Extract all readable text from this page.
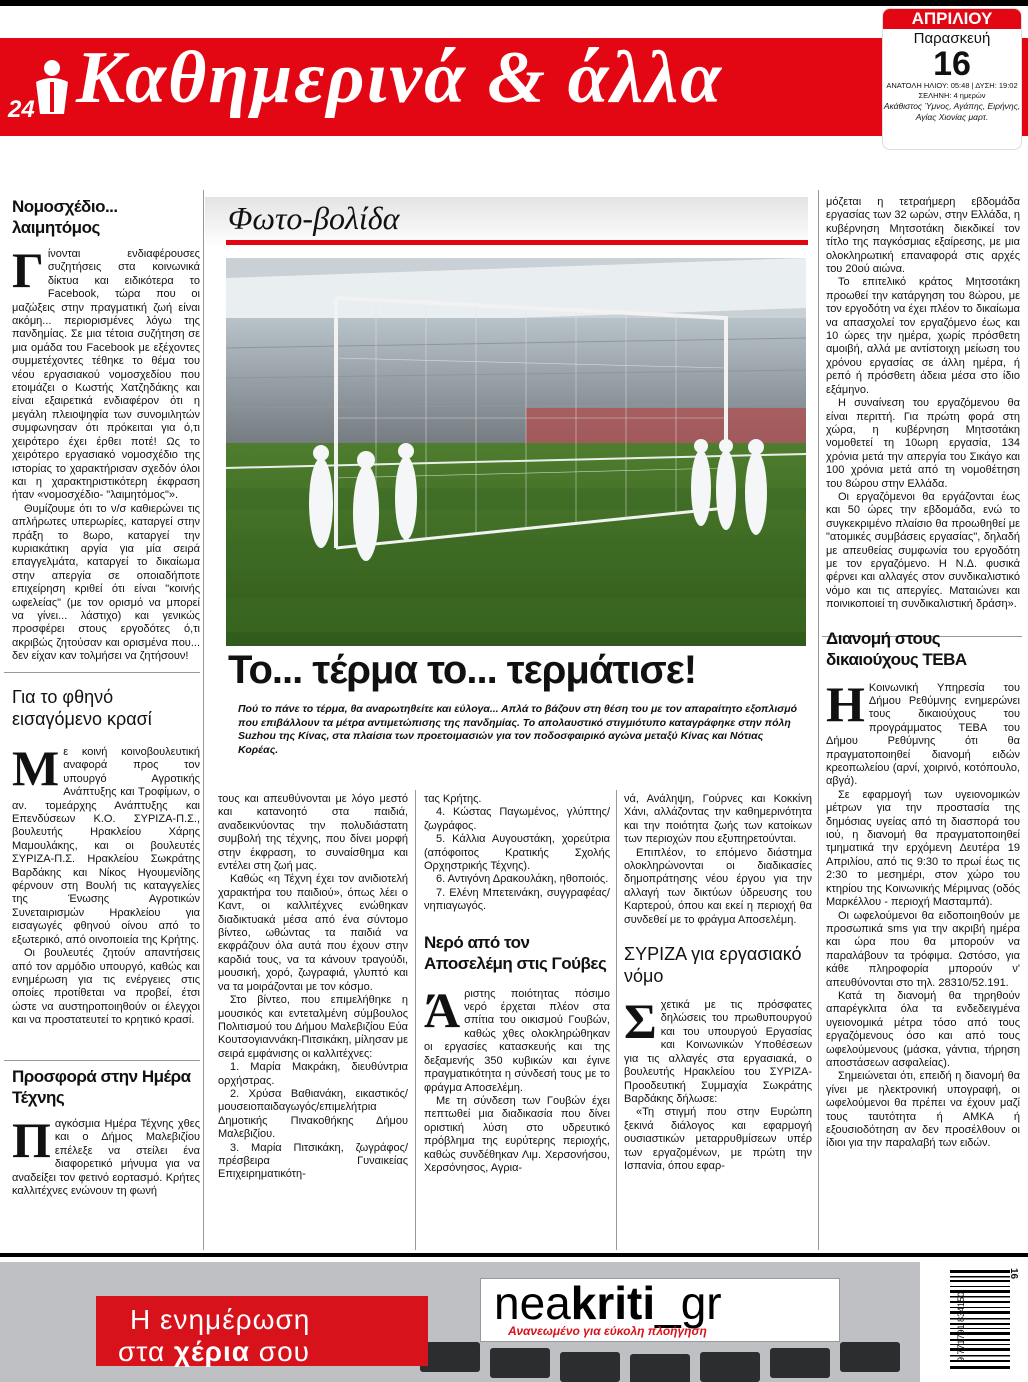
24 Καθημερινά & άλλα
ΑΠΡΙΛΙΟΥ
Παρασκευή
16
ΑΝΑΤΟΛΗ ΗΛΙΟΥ: 05:48 | ΔΥΣΗ: 19:02
ΣΕΛΗΝΗ: 4 ημερών
Ακάθιστος Ύμνος, Αγάπης, Ειρήνης,
Αγίας Χιονίας μαρτ.
Νομοσχέδιο... λαιμητόμος
Γ ίνονται ενδιαφέρουσες συζητήσεις στα κοινωνικά δίκτυα και ειδικότερα το Facebook, τώρα που οι μαζώξεις στην πραγματική ζωή είναι ακόμη... περιορισμένες λόγω της πανδημίας. Σε μια τέτοια συζήτηση σε μια ομάδα του Facebook με εξέχοντες συμμετέχοντες τέθηκε το θέμα του νέου εργασιακού νομοσχεδίου που ετοιμάζει ο Κωστής Χατζηδάκης και είναι εξαιρετικά ενδιαφέρον ότι η μεγάλη πλειοψηφία των συνομιλητών συμφωνησαν ότι πρόκειται για ό,τι χειρότερο έχει έρθει ποτέ! Ως το χειρότερο εργασιακό νομοσχέδιο της ιστορίας το χαρακτήρισαν σχεδόν όλοι και η χαρακτηριστικότερη έκφραση ήταν «νομοσχέδιο- "λαιμητόμος"».

Θυμίζουμε ότι το ν/σ καθιερώνει τις απλήρωτες υπερωρίες, καταργεί στην πράξη το 8ωρο, καταργεί την κυριακάτικη αργία για μία σειρά επαγγελμάτα, καταργεί το δικαίωμα στην απεργία σε οποιαδήποτε επιχείρηση κριθεί ότι είναι "κοινής ωφελείας" (με τον ορισμό να μπορεί να γίνει... λάστιχο) και γενικώς προσφέρει στους εργοδότες ό,τι ακριβώς ζητούσαν και ορισμένα που... δεν είχαν καν τολμήσει να ζητήσουν!

Για το φθηνό εισαγόμενο κρασί
Μ ε κοινή κοινοβουλευτική αναφορά προς τον υπουργό Αγροτικής Ανάπτυξης και Τροφίμων, ο αν. τομεάρχης Ανάπτυξης και Επενδύσεων Κ.Ο. ΣΥΡΙΖΑ-Π.Σ., βουλευτής Ηρακλείου Χάρης Μαμουλάκης, και οι βουλευτές ΣΥΡΙΖΑ-Π.Σ. Ηρακλείου Σωκράτης Βαρδάκης και Νίκος Ηγουμενίδης φέρνουν στη Βουλή τις καταγγελίες της Ένωσης Αγροτικών Συνεταιρισμών Ηρακλείου για εισαγωγές φθηνού οίνου από το εξωτερικό, από οινοποιεία της Κρήτης.

Οι βουλευτές ζητούν απαντήσεις από τον αρμόδιο υπουργό, καθώς και ενημέρωση για τις ενέργειες στις οποίες προτίθεται να προβεί, έτσι ώστε να αυστηροποιηθούν οι έλεγχοι και να προστατευτεί το κρητικό κρασί.

Προσφορά στην Ημέρα Τέχνης
Π αγκόσμια Ημέρα Τέχνης χθες και ο Δήμος Μαλεβιζίου επέλεξε να στείλει ένα διαφορετικό μήνυμα για να αναδείξει τον φετινό εορτασμό. Κρήτες καλλιτέχνες ενώνουν τη φωνή

Φωτο-βολίδα
Το... τέρμα το... τερμάτισε!
Πού το πάνε το τέρμα, θα αναρωτηθείτε και εύλογα... Απλά το βάζουν στη θέση του με τον απαραίτητο εξοπλισμό που επιβάλλουν τα μέτρα αντιμετώπισης της πανδημίας. Το απολαυστικό στιγμιότυπο καταγράφηκε στην πόλη Suzhou της Κίνας, στα πλαίσια των προετοιμασιών για τον ποδοσφαιρικό αγώνα μεταξύ Κίνας και Νότιας Κορέας.

τους και απευθύνονται με λόγο μεστό και κατανοητό στα παιδιά, αναδεικνύοντας την πολυδιάστατη συμβολή της τέχνης, που δίνει μορφή στην έκφραση, το συναίσθημα και εντέλει στη ζωή μας.

Καθώς «η Τέχνη έχει τον ανιδιοτελή χαρακτήρα του παιδιού», όπως λέει ο Καντ, οι καλλιτέχνες ενώθηκαν διαδικτυακά μέσα από ένα σύντομο βίντεο, ωθώντας τα παιδιά να εκφράζουν όλα αυτά που έχουν στην καρδιά τους, να τα κάνουν τραγούδι, μουσική, χορό, ζωγραφιά, γλυπτό και να τα μοιράζονται με τον κόσμο.

Στο βίντεο, που επιμελήθηκε η μουσικός και εντεταλμένη σύμβουλος Πολιτισμού του Δήμου Μαλεβιζίου Εύα Κουτσογιαννάκη-Πιτσικάκη, μίλησαν με σειρά εμφάνισης οι καλλιτέχνες:

1. Μαρία Μακράκη, διευθύντρια ορχήστρας.

2. Χρύσα Βαθιανάκη, εικαστικός/μουσειοπαιδαγωγός/επιμελήτρια Δημοτικής Πινακοθήκης Δήμου Μαλεβιζίου.

3. Μαρία Πιτσικάκη, ζωγράφος/πρέσβειρα Γυναικείας Επιχειρηματικότη-

τας Κρήτης.

4. Κώστας Παγωμένος, γλύπτης/ζωγράφος.

5. Κάλλια Αυγουστάκη, χορεύτρια (απόφοιτος Κρατικής Σχολής Ορχηστρικής Τέχνης).

6. Αντιγόνη Δρακουλάκη, ηθοποιός.

7. Ελένη Μπετεινάκη, συγγραφέας/νηπιαγωγός.

Νερό από τον Αποσελέμη στις Γούβες
Ά ριστης ποιότητας πόσιμο νερό έρχεται πλέον στα σπίτια του οικισμού Γουβών, καθώς χθες ολοκληρώθηκαν οι εργασίες κατασκευής και της δεξαμενής 350 κυβικών και έγινε πραγματικότητα η σύνδεσή τους με το φράγμα Αποσελέμη.

Με τη σύνδεση των Γουβών έχει πεπτωθεί μια διαδικασία που δίνει οριστική λύση στο υδρευτικό πρόβλημα της ευρύτερης περιοχής, καθώς συνδέθηκαν Λιμ. Χερσονήσου, Χερσόνησος, Αγρια-

νά, Ανάληψη, Γούρνες και Κοκκίνη Χάνι, αλλάζοντας την καθημερινότητα και την ποιότητα ζωής των κατοίκων των περιοχών που εξυπηρετούνται.

Επιπλέον, το επόμενο διάστημα ολοκληρώνονται οι διαδικασίες δημοπράτησης νέου έργου για την αλλαγή των δικτύων ύδρευσης του Καρτερού, όπου και εκεί η περιοχή θα συνδεθεί με το φράγμα Αποσελέμη.

ΣΥΡΙΖΑ για εργασιακό νόμο
Σ χετικά με τις πρόσφατες δηλώσεις του πρωθυπουργού και του υπουργού Εργασίας και Κοινωνικών Υποθέσεων για τις αλλαγές στα εργασιακά, ο βουλευτής Ηρακλείου του ΣΥΡΙΖΑ-Προοδευτική Συμμαχία Σωκράτης Βαρδάκης δήλωσε:

«Τη στιγμή που στην Ευρώπη ξεκινά διάλογος και εφαρμογή ουσιαστικών μεταρρυθμίσεων υπέρ των εργαζομένων, με πρώτη την Ισπανία, όπου εφαρ-

μόζεται η τετραήμερη εβδομάδα εργασίας των 32 ωρών, στην Ελλάδα, η κυβέρνηση Μητσοτάκη διεκδικεί τον τίτλο της παγκόσμιας εξαίρεσης, με μια ολοκληρωτική επαναφορά στις αρχές του 20ού αιώνα.

Το επιτελικό κράτος Μητσοτάκη προωθεί την κατάργηση του 8ώρου, με τον εργοδότη να έχει πλέον το δικαίωμα να απασχολεί τον εργαζόμενο έως και 10 ώρες την ημέρα, χωρίς πρόσθετη αμοιβή, αλλά με αντίστοιχη μείωση του χρόνου εργασίας σε άλλη ημέρα, ή ρεπό ή πρόσθετη άδεια μέσα στο ίδιο εξάμηνο.

Η συναίνεση του εργαζόμενου θα είναι περιττή. Για πρώτη φορά στη χώρα, η κυβέρνηση Μητσοτάκη νομοθετεί τη 10ωρη εργασία, 134 χρόνια μετά την απεργία του Σικάγο και 100 χρόνια μετά από τη νομοθέτηση του 8ώρου στην Ελλάδα.

Οι εργαζόμενοι θα εργάζονται έως και 50 ώρες την εβδομάδα, ενώ το συγκεκριμένο πλαίσιο θα προωθηθεί με "ατομικές συμβάσεις εργασίας", δηλαδή με απευθείας συμφωνία του εργοδότη με τον εργαζόμενο. Η Ν.Δ. φυσικά φέρνει και αλλαγές στον συνδικαλιστικό νόμο και τις απεργίες. Ματαιώνει και ποινικοποιεί τη συνδικαλιστική δράση».

Διανομή στους δικαιούχους ΤΕΒΑ
Η Κοινωνική Υπηρεσία του Δήμου Ρεθύμνης ενημερώνει τους δικαιούχους του προγράμματος ΤΕΒΑ του Δήμου Ρεθύμνης ότι θα πραγματοποιηθεί διανομή ειδών κρεοπωλείου (αρνί, χοιρινό, κοτόπουλο, αβγά).

Σε εφαρμογή των υγειονομικών μέτρων για την προστασία της δημόσιας υγείας από τη διασπορά του ιού, η διανομή θα πραγματοποιηθεί τμηματικά την ερχόμενη Δευτέρα 19 Απριλίου, από τις 9:30 το πρωί έως τις 2:30 το μεσημέρι, στον χώρο του κτηρίου της Κοινωνικής Μέριμνας (οδός Μαρκέλλου - περιοχή Μασταμπά).

Οι ωφελούμενοι θα ειδοποιηθούν με προσωπικά sms για την ακριβή ημέρα και ώρα που θα μπορούν να παραλάβουν τα τρόφιμα. Ωστόσο, για κάθε πληροφορία μπορούν ν' απευθύνονται στο τηλ. 28310/52.191.

Κατά τη διανομή θα τηρηθούν απαρέγκλιτα όλα τα ενδεδειγμένα υγειονομικά μέτρα τόσο από τους εργαζόμενους όσο και από τους ωφελούμενους (μάσκα, γάντια, τήρηση αποστάσεων ασφαλείας).

Σημειώνεται ότι, επειδή η διανομή θα γίνει με ηλεκτρονική υπογραφή, οι ωφελούμενοι θα πρέπει να έχουν μαζί τους ταυτότητα ή ΑΜΚΑ ή εξουσιοδότηση αν δεν προσέλθουν οι ίδιοι για την παραλαβή των ειδών.

Η ενημέρωση
στα χέρια σου
neakriti_gr
Ανανεωμένο για εύκολη πλοήγηση	9 771791 834150
16
